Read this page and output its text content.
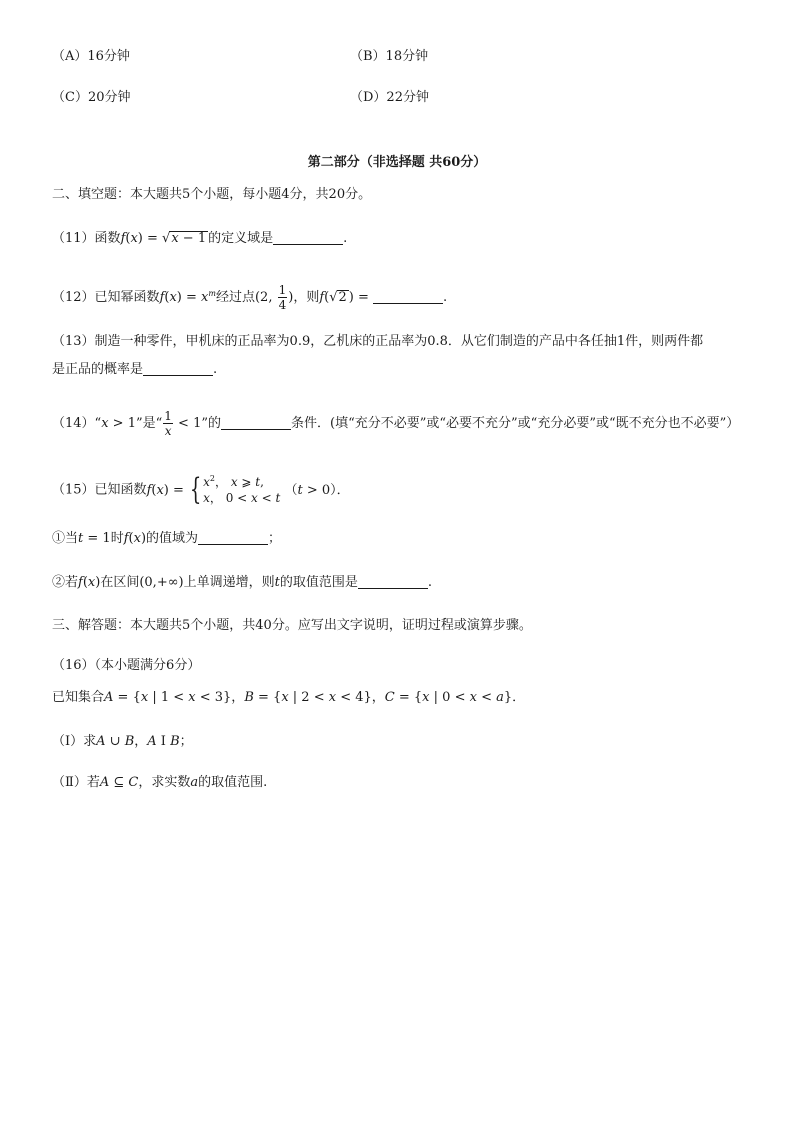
（A）16分钟	（B）18分钟
（C）20分钟	（D）22分钟
第二部分（非选择题 共60分）
二、填空题：本大题共5个小题，每小题4分，共20分。
（11）函数f(x) = √x − 1 的定义域是	.
（12）已知幂函数$f(x) = x^m$经过点(2, $\frac{1}{4}$ )，则f(√2 ) =	.
（13）制造一种零件，甲机床的正品率为0.9，乙机床的正品率为0.8．从它们制造的产品中各任抽1件，则两件都
是正品的概率是	.
（14）“x > 1”是“ $\frac{1}{x} < 1$”的	条件．(填“充分不必要”或“必要不充分”或“充分必要”或“既不充分也不必要”）
（15）已知函数f(x) = { $x^2$， x ⩾ t,
x， 0 < x < t
（t > 0）．
①当t = 1时f(x)的值域为	；
②若f(x)在区间(0,+∞)上单调递增，则t的取值范围是	.
三、解答题：本大题共5个小题，共40分。应写出文字说明，证明过程或演算步骤。
（16）（本小题满分6分）
已知集合A = {x | 1 < x < 3}，B = {x | 2 < x < 4}，C = {x | 0 < x < a}．
（Ⅰ）求A ∪ B，A I B；
（Ⅱ）若A ⊆ C，求实数a的取值范围.
